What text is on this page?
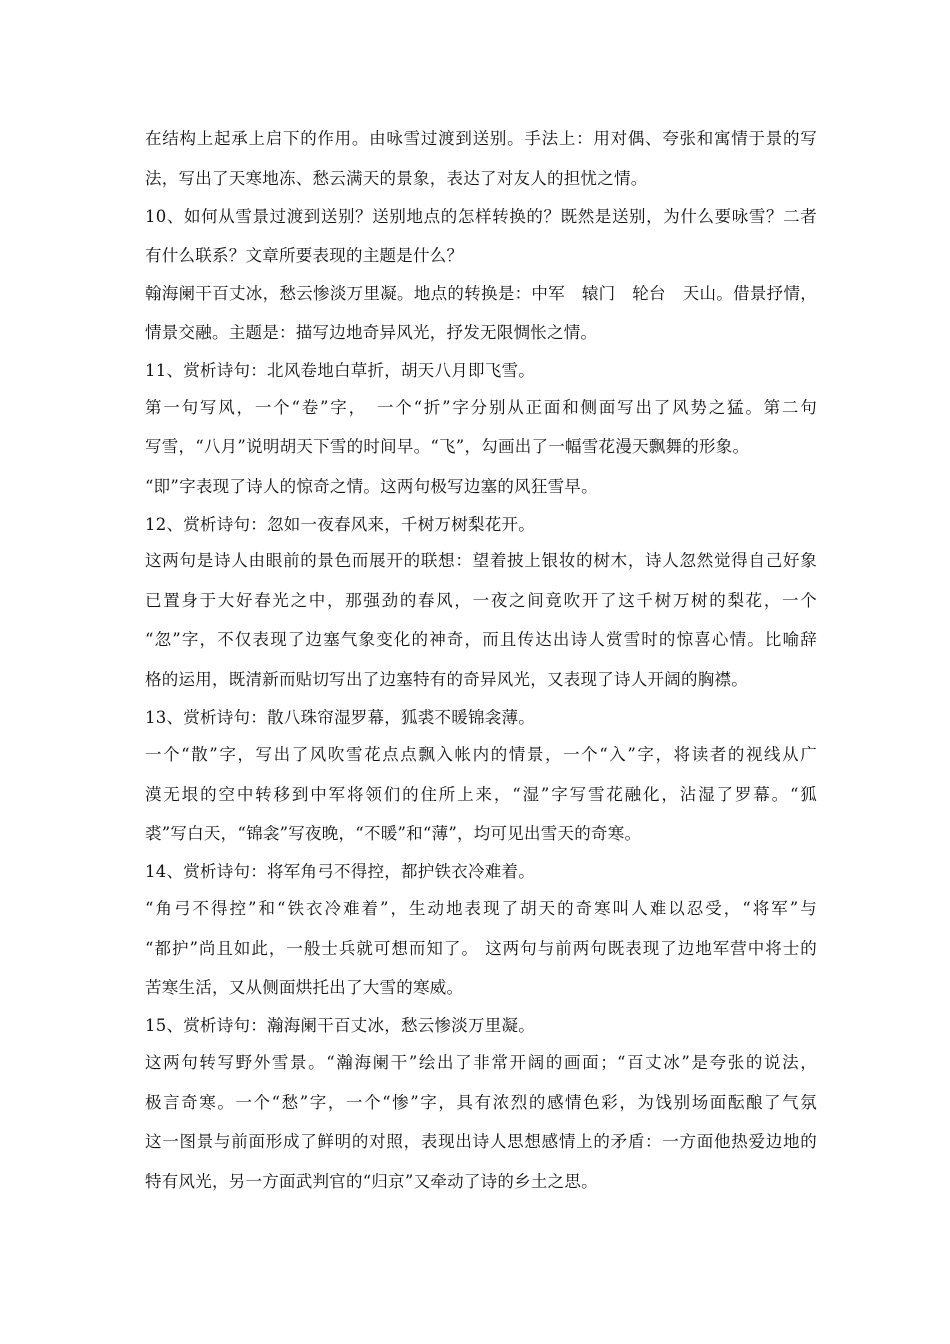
在结构上起承上启下的作用。由咏雪过渡到送别。手法上：用对偶、夸张和寓情于景的写
法，写出了天寒地冻、愁云满天的景象，表达了对友人的担忧之情。
10、如何从雪景过渡到送别？送别地点的怎样转换的？既然是送别，为什么要咏雪？二者
有什么联系？文章所要表现的主题是什么？
翰海阑干百丈冰，愁云惨淡万里凝。地点的转换是：中军　辕门　轮台　天山。借景抒情，
情景交融。主题是：描写边地奇异风光，抒发无限惆怅之情。
11、赏析诗句：北风卷地白草折，胡天八月即飞雪。
第一句写风，一个“卷”字，　一个“折”字分别从正面和侧面写出了风势之猛。第二句
写雪，“八月”说明胡天下雪的时间早。“飞”，勾画出了一幅雪花漫天飘舞的形象。
“即”字表现了诗人的惊奇之情。这两句极写边塞的风狂雪早。
12、赏析诗句：忽如一夜春风来，千树万树梨花开。
这两句是诗人由眼前的景色而展开的联想：望着披上银妆的树木，诗人忽然觉得自己好象
已置身于大好春光之中，那强劲的春风，一夜之间竟吹开了这千树万树的梨花，一个
“忽”字，不仅表现了边塞气象变化的神奇，而且传达出诗人赏雪时的惊喜心情。比喻辞
格的运用，既清新而贴切写出了边塞特有的奇异风光，又表现了诗人开阔的胸襟。
13、赏析诗句：散八珠帘湿罗幕，狐裘不暖锦衾薄。
一个“散”字，写出了风吹雪花点点飘入帐内的情景，一个“入”字，将读者的视线从广
漠无垠的空中转移到中军将领们的住所上来，“湿”字写雪花融化，沾湿了罗幕。“狐
裘”写白天，“锦衾”写夜晚，“不暖”和“薄”，均可见出雪天的奇寒。
14、赏析诗句：将军角弓不得控，都护铁衣冷难着。
“角弓不得控”和“铁衣冷难着”，生动地表现了胡天的奇寒叫人难以忍受，“将军”与
“都护”尚且如此，一般士兵就可想而知了。 这两句与前两句既表现了边地军营中将士的
苦寒生活，又从侧面烘托出了大雪的寒威。
15、赏析诗句：瀚海阑干百丈冰，愁云惨淡万里凝。
这两句转写野外雪景。“瀚海阑干”绘出了非常开阔的画面；“百丈冰”是夸张的说法，
极言奇寒。一个“愁”字，一个“惨”字，具有浓烈的感情色彩，为饯别场面酝酿了气氛
这一图景与前面形成了鲜明的对照，表现出诗人思想感情上的矛盾：一方面他热爱边地的
特有风光，另一方面武判官的“归京”又牵动了诗的乡土之思。
